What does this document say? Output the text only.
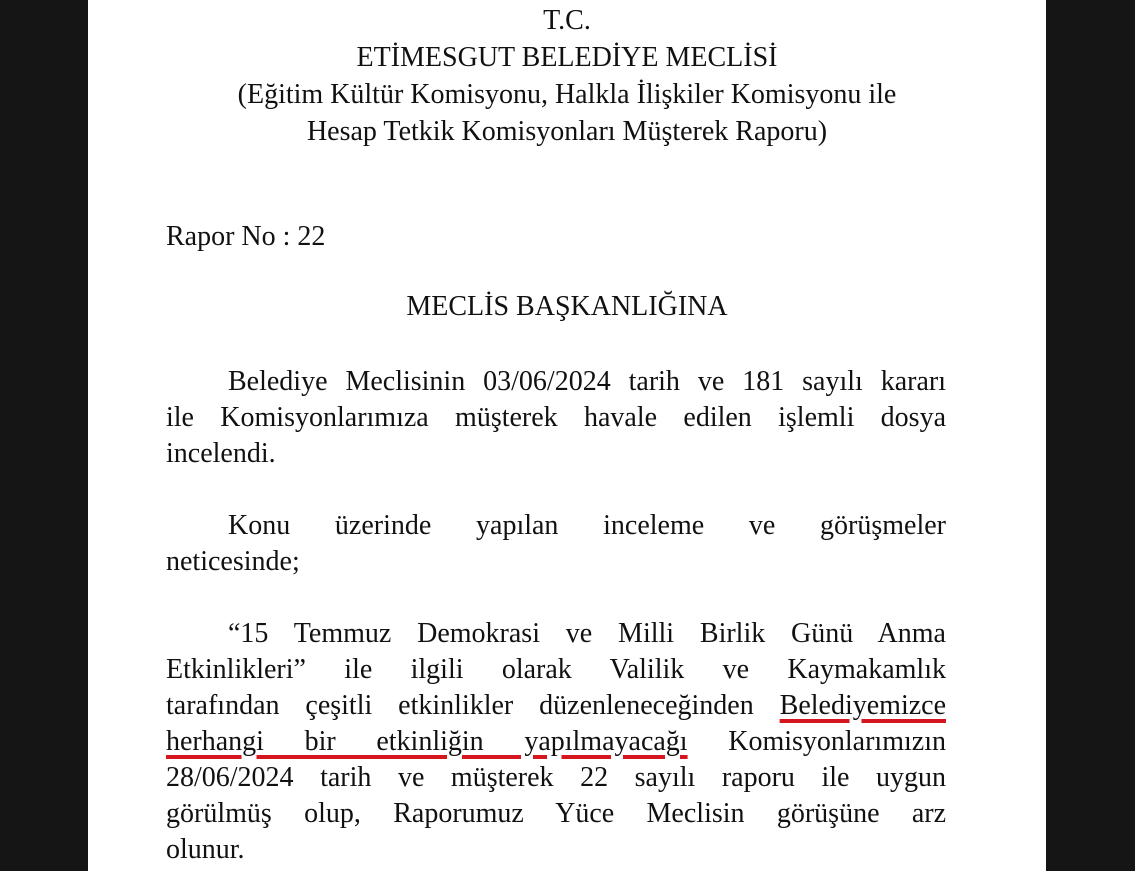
T.C.
ETİMESGUT BELEDİYE MECLİSİ
(Eğitim Kültür Komisyonu, Halkla İlişkiler Komisyonu ile
Hesap Tetkik Komisyonları Müşterek Raporu)
Rapor No : 22
MECLİS BAŞKANLIĞINA
Belediye Meclisinin 03/06/2024 tarih ve 181 sayılı kararı
ile Komisyonlarımıza müşterek havale edilen işlemli dosya
incelendi.
Konu üzerinde yapılan inceleme ve görüşmeler
neticesinde;
“15 Temmuz Demokrasi ve Milli Birlik Günü Anma
Etkinlikleri” ile ilgili olarak Valilik ve Kaymakamlık
tarafından çeşitli etkinlikler düzenleneceğinden Belediyemizce
herhangi bir etkinliğin yapılmayacağı Komisyonlarımızın
28/06/2024 tarih ve müşterek 22 sayılı raporu ile uygun
görülmüş olup, Raporumuz Yüce Meclisin görüşüne arz
olunur.
